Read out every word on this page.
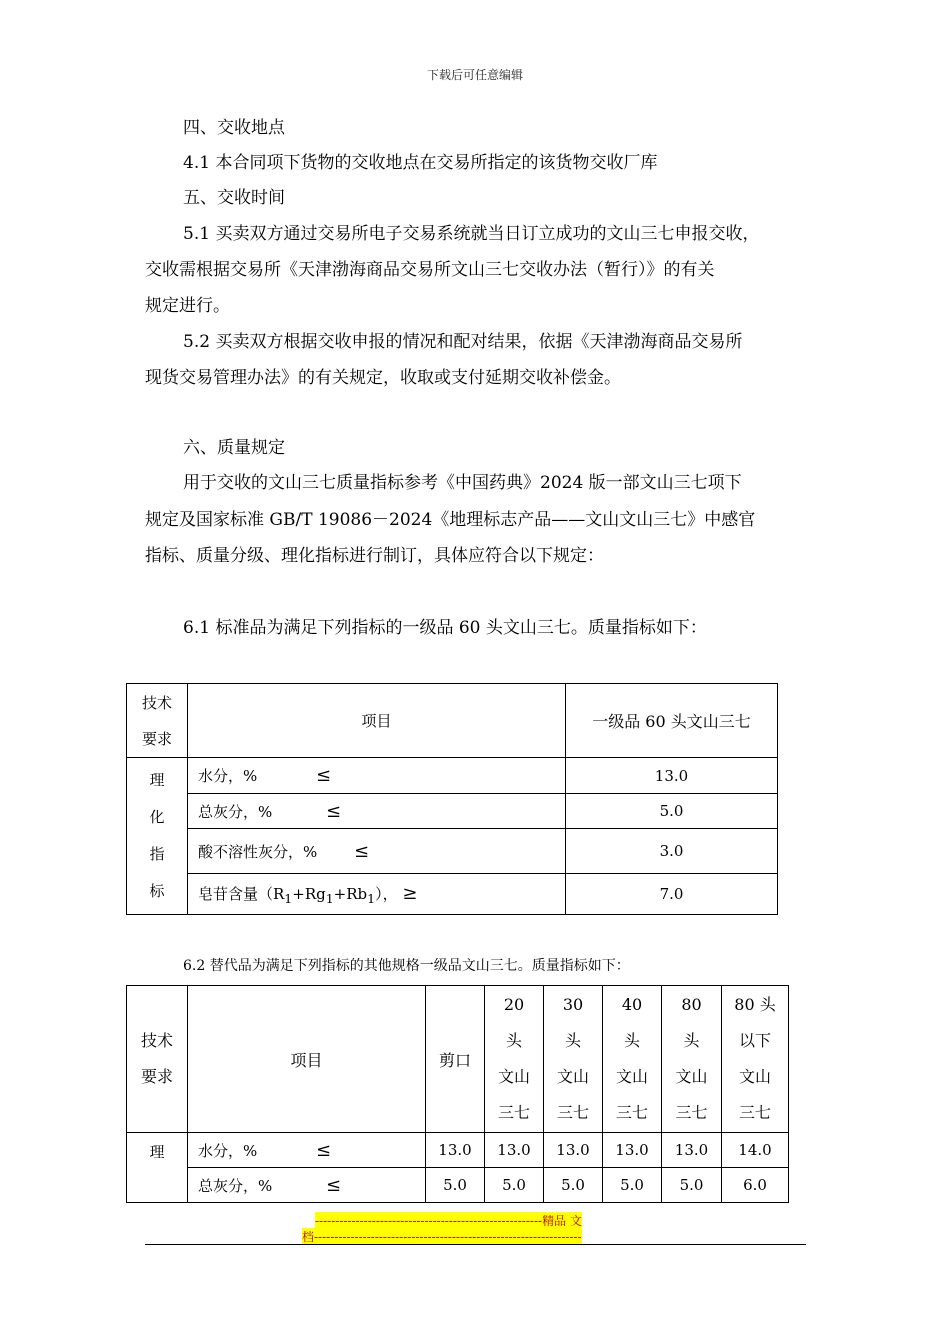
下载后可任意编辑
四、交收地点
4.1 本合同项下货物的交收地点在交易所指定的该货物交收厂库
五、交收时间
5.1 买卖双方通过交易所电子交易系统就当日订立成功的文山三七申报交收，
交收需根据交易所《天津渤海商品交易所文山三七交收办法（暂行）》的有关
规定进行。
5.2 买卖双方根据交收申报的情况和配对结果，依据《天津渤海商品交易所
现货交易管理办法》的有关规定，收取或支付延期交收补偿金。
六、质量规定
用于交收的文山三七质量指标参考《中国药典》2024 版一部文山三七项下
规定及国家标准 GB/T 19086－2024《地理标志产品——文山文山三七》中感官
指标、质量分级、理化指标进行制订，具体应符合以下规定：
6.1 标准品为满足下列指标的一级品 60 头文山三七。质量指标如下：
技术
要求	项目	一级品 60 头文山三七
理
化
指
标	水分，% ≤	13.0
	总灰分，% ≤	5.0
	酸不溶性灰分，% ≤	3.0
	皂苷含量$(R_1+Rg_1+Rb_1)$， ≥	7.0
6.2 替代品为满足下列指标的其他规格一级品文山三七。质量指标如下：
技术
要求	项目	剪口	20
头
文山
三七	30
头
文山
三七	40
头
文山
三七	80
头
文山
三七	80 头
以下
文山
三七
理	水分，% ≤	13.0	13.0	13.0	13.0	13.0	14.0
	总灰分，% ≤	5.0	5.0	5.0	5.0	5.0	6.0
--------------------------------------------------------精品 文
档------------------------------------------------------------------
